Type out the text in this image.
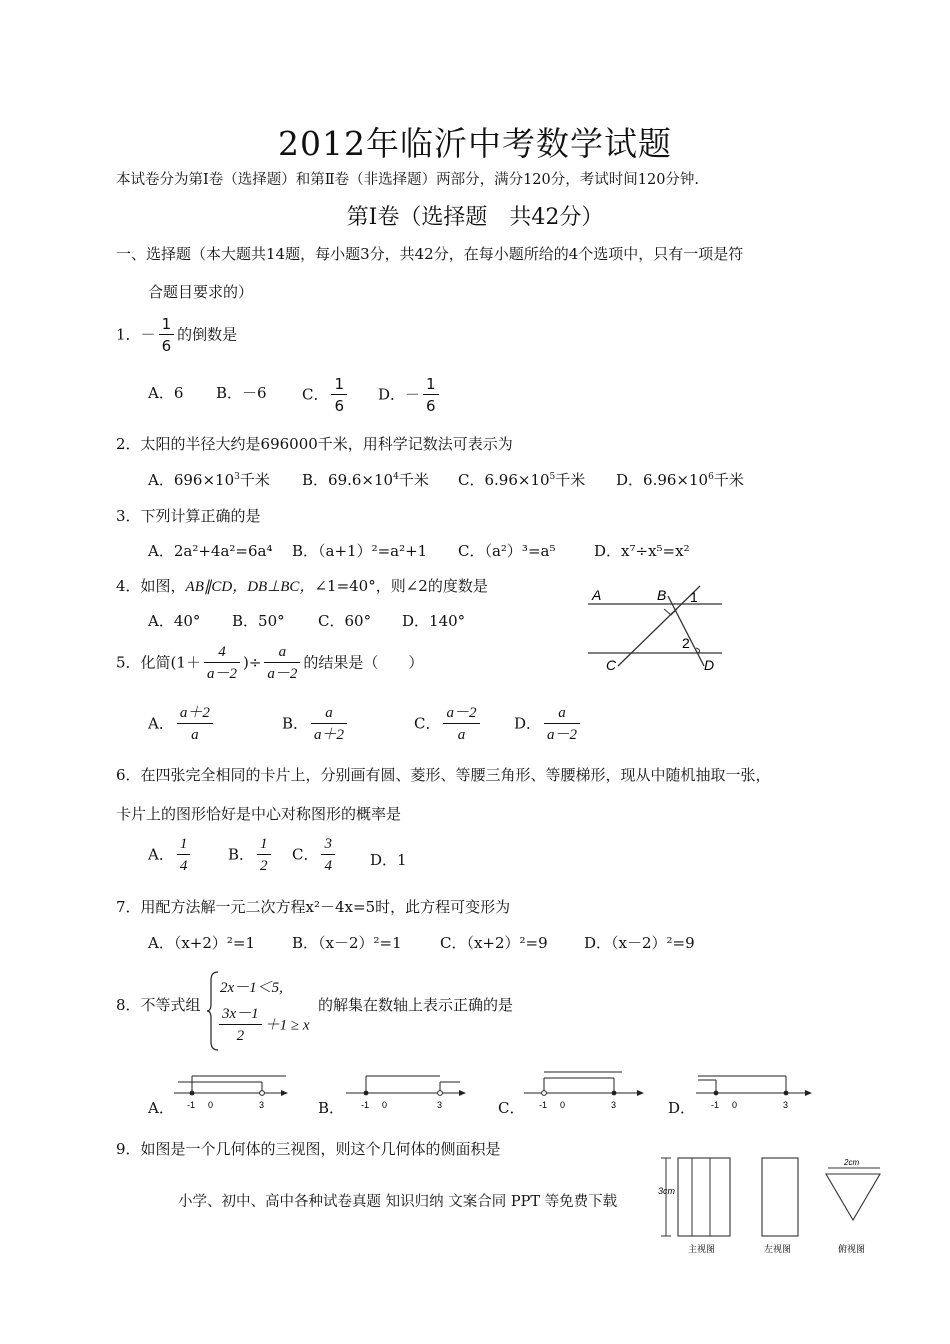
2012年临沂中考数学试题
本试卷分为第Ⅰ卷（选择题）和第Ⅱ卷（非选择题）两部分，满分120分，考试时间120分钟.
第Ⅰ卷（选择题　共42分）
一、选择题（本大题共14题，每小题3分，共42分，在每小题所给的4个选项中，只有一项是符
合题目要求的）
1．－ $\frac{1}{6}$ 的倒数是
A．6 B．－6 C． $\frac{1}{6}$ D．－ $\frac{1}{6}$
2．太阳的半径大约是696000千米，用科学记数法可表示为
A．$696\times 10^3$千米 B．$69.6\times 10^4$千米 C．$6.96\times 10^5$千米 D．$6.96\times 10^6$千米
3．下列计算正确的是
A．2a²+4a²=6a⁴ B．（a+1）²=a²+1 C．（a²）³=a⁵	D．x⁷÷x⁵=x²
4．如图，AB∥CD，DB⊥BC，∠1=40°，则∠2的度数是
A．40° B．50° C．60° D．140°
A	B 1
2
C	D
5．化简($1+ \frac{4}{a-2}$ )÷ $\frac{a}{a-2}$ 的结果是（　　）
A． $\frac{a+2}{a}$	B． $\frac{a}{a+2}$	C． $\frac{a-2}{a}$ D． $\frac{a}{a-2}$
6．在四张完全相同的卡片上，分别画有圆、菱形、等腰三角形、等腰梯形，现从中随机抽取一张，
卡片上的图形恰好是中心对称图形的概率是
A． $\frac{1}{4}$	B． $\frac{1}{2}$ C． $\frac{3}{4}$ D．1
7．用配方法解一元二次方程x²－4x=5时，此方程可变形为
A．（x+2）²=1 B．（x－2）²=1	C．（x+2）²=9 D．（x－2）²=9
8．不等式组
2x－1＜5,
$\frac{3x-1}{2} +1 \ge x$
的解集在数轴上表示正确的是
A．	B．	C．	D．
-1 0	3	-1 0	3	-1 0	3	-1 0	3
9．如图是一个几何体的三视图，则这个几何体的侧面积是
3cm
2cm
主视图	左视图	俯视图
小学、初中、高中各种试卷真题 知识归纳 文案合同 PPT 等免费下载
